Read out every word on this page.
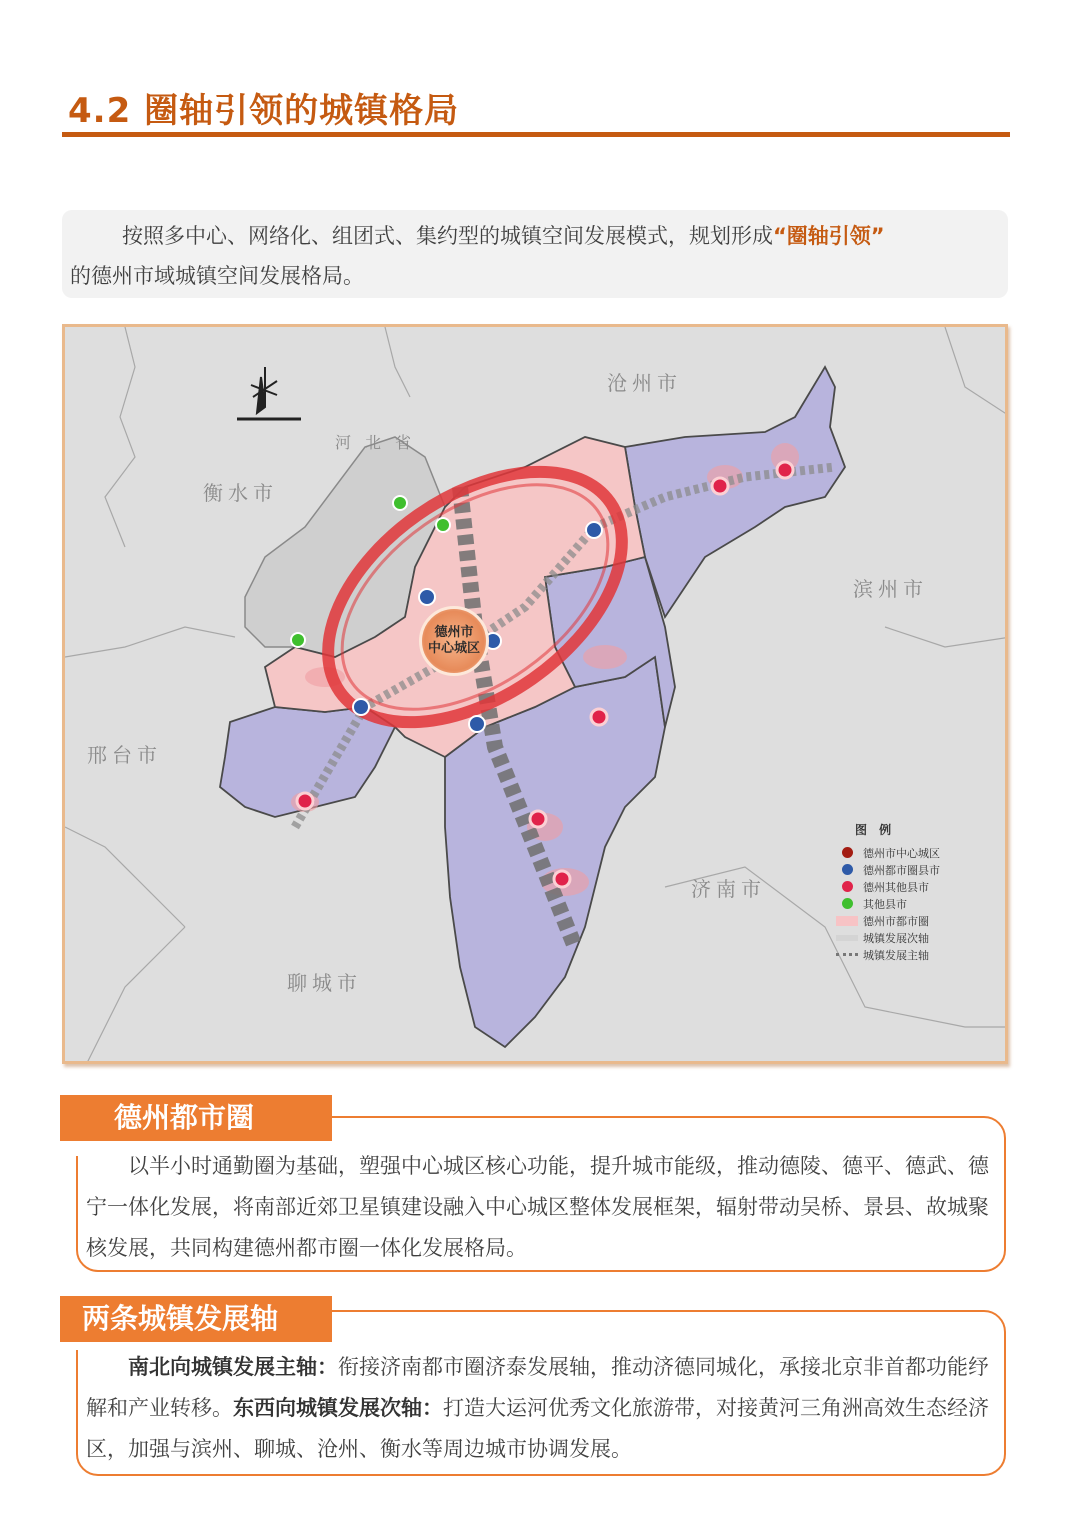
4.2 圈轴引领的城镇格局
按照多中心、网络化、组团式、集约型的城镇空间发展模式，规划形成“圈轴引领”
的德州市域城镇空间发展格局。
沧州市
衡水市
滨州市
邢台市
济南市
聊城市
河北省
德州市
中心城区
图 例
德州市中心城区
德州都市圈县市
德州其他县市
其他县市
德州市都市圈
城镇发展次轴
城镇发展主轴
德州都市圈
以半小时通勤圈为基础，塑强中心城区核心功能，提升城市能级，推动德陵、德平、德武、德宁一体化发展，将南部近郊卫星镇建设融入中心城区整体发展框架，辐射带动吴桥、景县、故城聚核发展，共同构建德州都市圈一体化发展格局。
两条城镇发展轴
南北向城镇发展主轴：衔接济南都市圈济泰发展轴，推动济德同城化，承接北京非首都功能纾解和产业转移。东西向城镇发展次轴：打造大运河优秀文化旅游带，对接黄河三角洲高效生态经济区，加强与滨州、聊城、沧州、衡水等周边城市协调发展。
